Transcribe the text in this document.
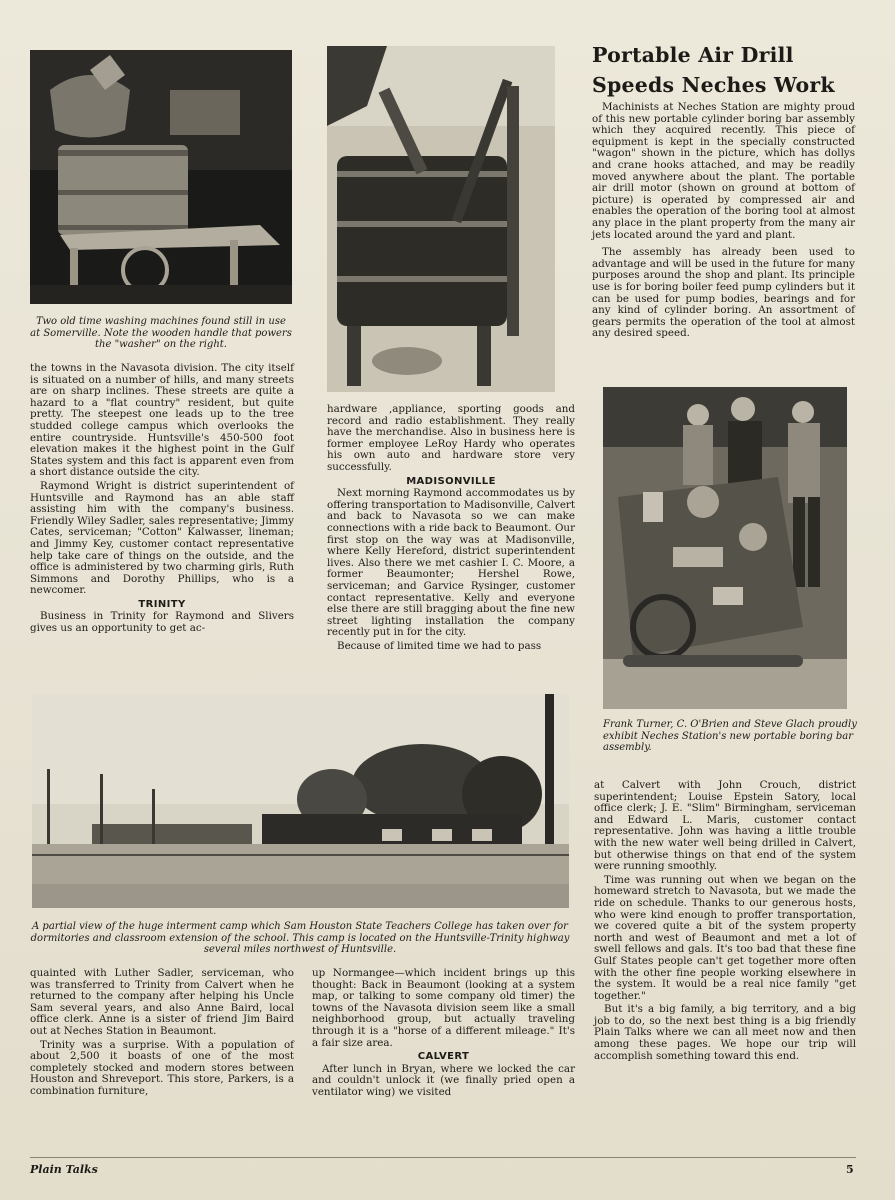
Two old time washing machines found still in use at Somerville. Note the wooden handle that powers the "washer" on the right.
Portable Air Drill
Speeds Neches Work

Machinists at Neches Station are mighty proud of this new portable cylinder boring bar assembly which they acquired recently. This piece of equipment is kept in the specially constructed "wagon" shown in the picture, which has dollys and crane hooks attached, and may be readily moved anywhere about the plant. The portable air drill motor (shown on ground at bottom of picture) is operated by compressed air and enables the operation of the boring tool at almost any place in the plant property from the many air jets located around the yard and plant.

The assembly has already been used to advantage and will be used in the future for many purposes around the shop and plant. Its principle use is for boring boiler feed pump cylinders but it can be used for pump bodies, bearings and for any kind of cylinder boring. An assortment of gears permits the operation of the tool at almost any desired speed.

Frank Turner, C. O'Brien and Steve Glach proudly exhibit Neches Station's new portable boring bar assembly.

the towns in the Navasota division. The city itself is situated on a number of hills, and many streets are on sharp inclines. These streets are quite a hazard to a "flat country" resident, but quite pretty. The steepest one leads up to the tree studded college campus which overlooks the entire countryside. Huntsville's 450-500 foot elevation makes it the highest point in the Gulf States system and this fact is apparent even from a short distance outside the city.

Raymond Wright is district superintendent of Huntsville and Raymond has an able staff assisting him with the company's business. Friendly Wiley Sadler, sales representative; Jimmy Cates, serviceman; "Cotton" Kalwasser, lineman; and Jimmy Key, customer contact representative help take care of things on the outside, and the office is administered by two charming girls, Ruth Simmons and Dorothy Phillips, who is a newcomer.

TRINITY

Business in Trinity for Raymond and Slivers gives us an opportunity to get ac-

hardware ,appliance, sporting goods and record and radio establishment. They really have the merchandise. Also in business here is former employee LeRoy Hardy who operates his own auto and hardware store very successfully.

MADISONVILLE

Next morning Raymond accommodates us by offering transportation to Madisonville, Calvert and back to Navasota so we can make connections with a ride back to Beaumont. Our first stop on the way was at Madisonville, where Kelly Hereford, district superintendent lives. Also there we met cashier I. C. Moore, a former Beaumonter; Hershel Rowe, serviceman; and Garvice Rysinger, customer contact representative. Kelly and everyone else there are still bragging about the fine new street lighting installation the company recently put in for the city.

Because of limited time we had to pass

A partial view of the huge interment camp which Sam Houston State Teachers College has taken over for dormitories and classroom extension of the school. This camp is located on the Huntsville-Trinity highway several miles northwest of Huntsville.

at Calvert with John Crouch, district superintendent; Louise Epstein Satory, local office clerk; J. E. "Slim" Birmingham, serviceman and Edward L. Maris, customer contact representative. John was having a little trouble with the new water well being drilled in Calvert, but otherwise things on that end of the system were running smoothly.

Time was running out when we began on the homeward stretch to Navasota, but we made the ride on schedule. Thanks to our generous hosts, who were kind enough to proffer transportation, we covered quite a bit of the system property north and west of Beaumont and met a lot of swell fellows and gals. It's too bad that these fine Gulf States people can't get together more often with the other fine people working elsewhere in the system. It would be a real nice family "get together."

But it's a big family, a big territory, and a big job to do, so the next best thing is a big friendly Plain Talks where we can all meet now and then among these pages. We hope our trip will accomplish something toward this end.

quainted with Luther Sadler, serviceman, who was transferred to Trinity from Calvert when he returned to the company after helping his Uncle Sam several years, and also Anne Baird, local office clerk. Anne is a sister of friend Jim Baird out at Neches Station in Beaumont.

Trinity was a surprise. With a population of about 2,500 it boasts of one of the most completely stocked and modern stores between Houston and Shreveport. This store, Parkers, is a combination furniture,

up Normangee—which incident brings up this thought: Back in Beaumont (looking at a system map, or talking to some company old timer) the towns of the Navasota division seem like a small neighborhood group, but actually traveling through it is a "horse of a different mileage." It's a fair size area.

CALVERT

After lunch in Bryan, where we locked the car and couldn't unlock it (we finally pried open a ventilator wing) we visited

Plain Talks	5
